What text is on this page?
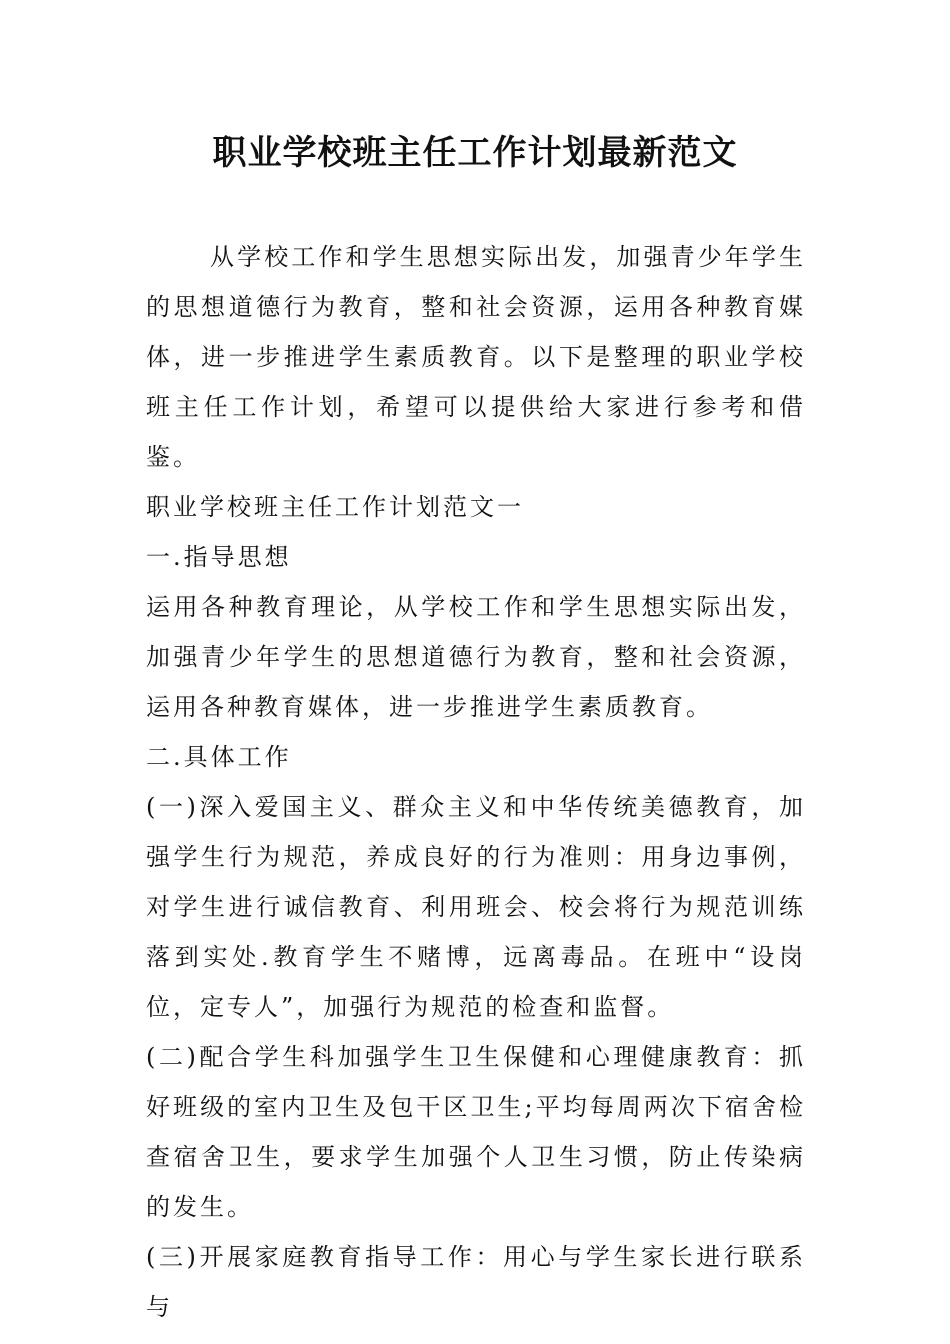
职业学校班主任工作计划最新范文

从学校工作和学生思想实际出发，加强青少年学生的思想道德行为教育，整和社会资源，运用各种教育媒体，进一步推进学生素质教育。以下是整理的职业学校班主任工作计划，希望可以提供给大家进行参考和借鉴。

职业学校班主任工作计划范文一

一.指导思想

运用各种教育理论，从学校工作和学生思想实际出发，加强青少年学生的思想道德行为教育，整和社会资源，运用各种教育媒体，进一步推进学生素质教育。

二.具体工作

(一)深入爱国主义、群众主义和中华传统美德教育，加强学生行为规范，养成良好的行为准则：用身边事例，对学生进行诚信教育、利用班会、校会将行为规范训练落到实处.教育学生不赌博，远离毒品。在班中“设岗位，定专人”，加强行为规范的检查和监督。

(二)配合学生科加强学生卫生保健和心理健康教育：抓好班级的室内卫生及包干区卫生;平均每周两次下宿舍检查宿舍卫生，要求学生加强个人卫生习惯，防止传染病的发生。

(三)开展家庭教育指导工作：用心与学生家长进行联系与
